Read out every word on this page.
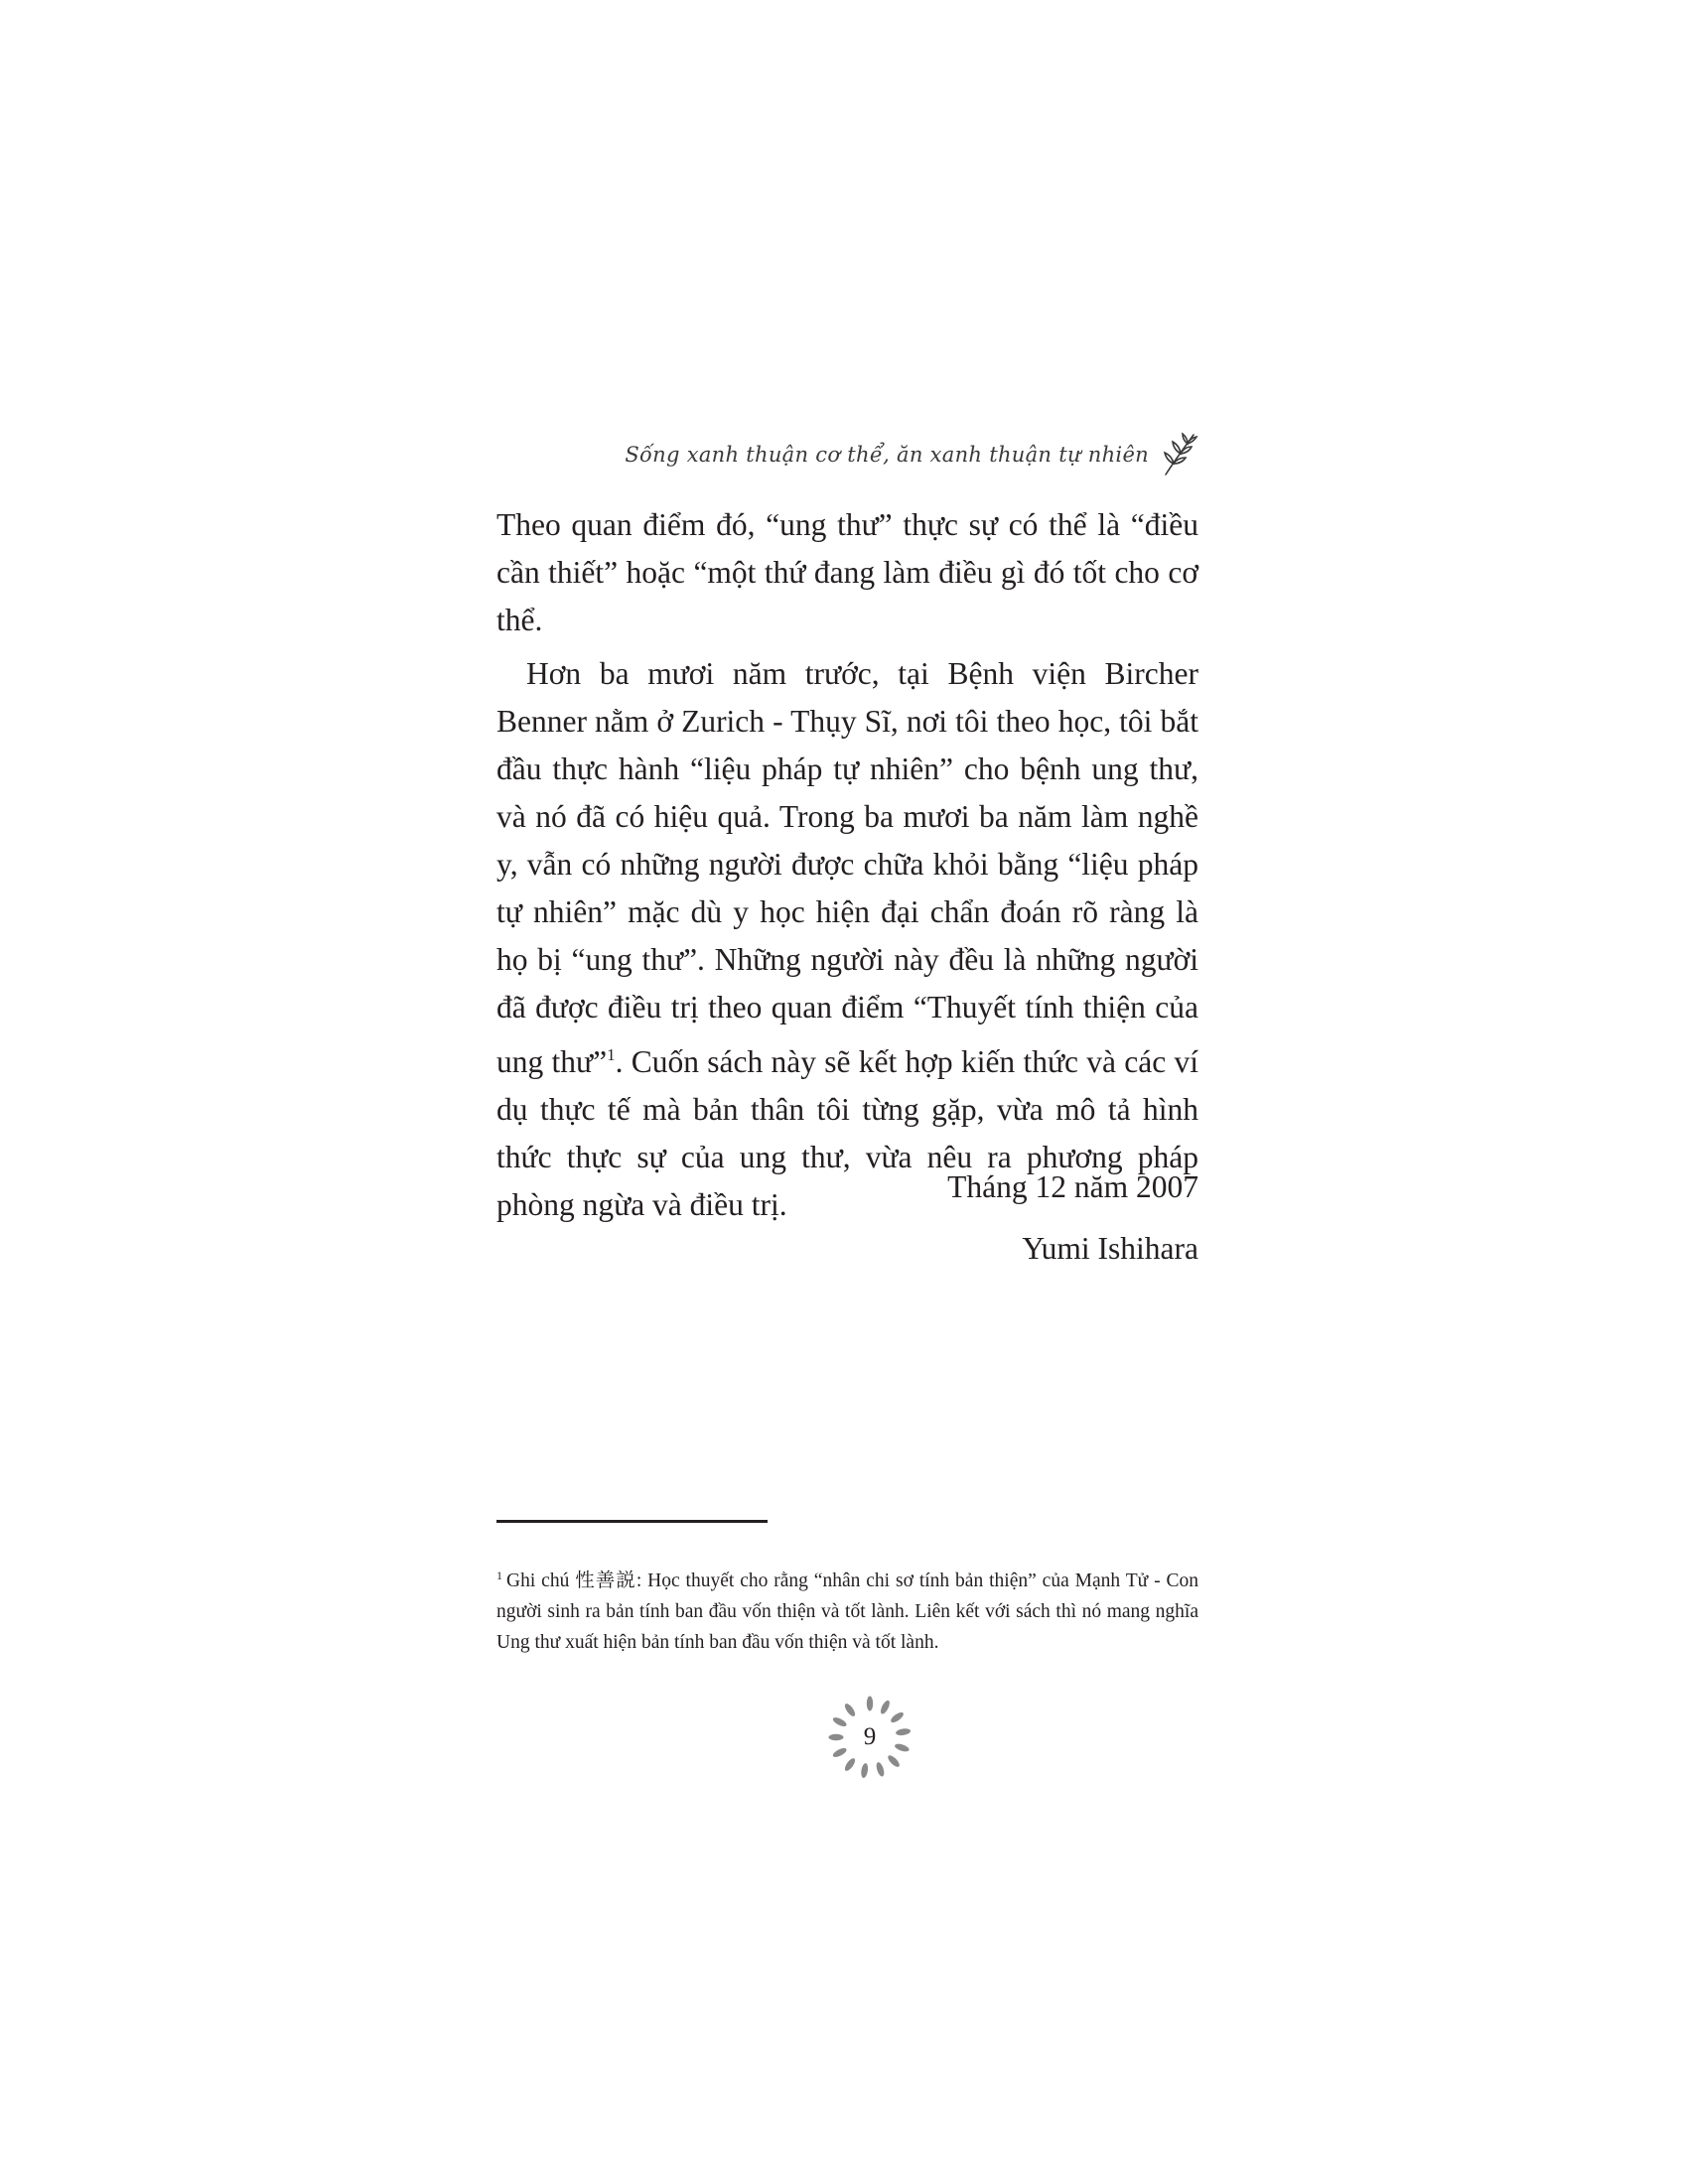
Sống xanh thuận cơ thể, ăn xanh thuận tự nhiên

Theo quan điểm đó, “ung thư” thực sự có thể là “điều cần thiết” hoặc “một thứ đang làm điều gì đó tốt cho cơ thể.

Hơn ba mươi năm trước, tại Bệnh viện Bircher Benner nằm ở Zurich - Thụy Sĩ, nơi tôi theo học, tôi bắt đầu thực hành “liệu pháp tự nhiên” cho bệnh ung thư, và nó đã có hiệu quả. Trong ba mươi ba năm làm nghề y, vẫn có những người được chữa khỏi bằng “liệu pháp tự nhiên” mặc dù y học hiện đại chẩn đoán rõ ràng là họ bị “ung thư”. Những người này đều là những người đã được điều trị theo quan điểm “Thuyết tính thiện của ung thư”$^1$. Cuốn sách này sẽ kết hợp kiến thức và các ví dụ thực tế mà bản thân tôi từng gặp, vừa mô tả hình thức thực sự của ung thư, vừa nêu ra phương pháp phòng ngừa và điều trị.

Tháng 12 năm 2007
Yumi Ishihara
$^1$ Ghi chú 性善説: Học thuyết cho rằng “nhân chi sơ tính bản thiện” của Mạnh Tử - Con người sinh ra bản tính ban đầu vốn thiện và tốt lành. Liên kết với sách thì nó mang nghĩa Ung thư xuất hiện bản tính ban đầu vốn thiện và tốt lành.
9
